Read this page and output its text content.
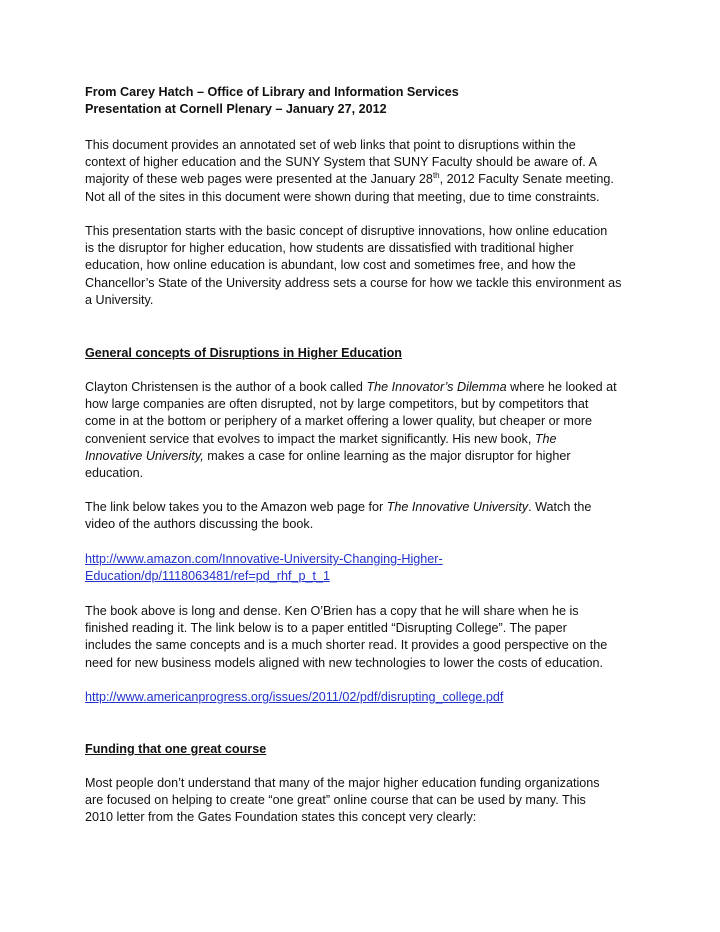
From Carey Hatch – Office of Library and Information Services
Presentation at Cornell Plenary – January 27, 2012
This document provides an annotated set of web links that point to disruptions within the
context of higher education and the SUNY System that SUNY Faculty should be aware of. A
majority of these web pages were presented at the January 28th, 2012 Faculty Senate meeting.
Not all of the sites in this document were shown during that meeting, due to time constraints.
This presentation starts with the basic concept of disruptive innovations, how online education
is the disruptor for higher education, how students are dissatisfied with traditional higher
education, how online education is abundant, low cost and sometimes free, and how the
Chancellor’s State of the University address sets a course for how we tackle this environment as
a University.
General concepts of Disruptions in Higher Education
Clayton Christensen is the author of a book called The Innovator’s Dilemma where he looked at
how large companies are often disrupted, not by large competitors, but by competitors that
come in at the bottom or periphery of a market offering a lower quality, but cheaper or more
convenient service that evolves to impact the market significantly. His new book, The
Innovative University, makes a case for online learning as the major disruptor for higher
education.
The link below takes you to the Amazon web page for The Innovative University. Watch the
video of the authors discussing the book.
http://www.amazon.com/Innovative-University-Changing-Higher-
Education/dp/1118063481/ref=pd_rhf_p_t_1
The book above is long and dense. Ken O’Brien has a copy that he will share when he is
finished reading it. The link below is to a paper entitled “Disrupting College”. The paper
includes the same concepts and is a much shorter read. It provides a good perspective on the
need for new business models aligned with new technologies to lower the costs of education.
http://www.americanprogress.org/issues/2011/02/pdf/disrupting_college.pdf
Funding that one great course
Most people don’t understand that many of the major higher education funding organizations
are focused on helping to create “one great” online course that can be used by many. This
2010 letter from the Gates Foundation states this concept very clearly:
